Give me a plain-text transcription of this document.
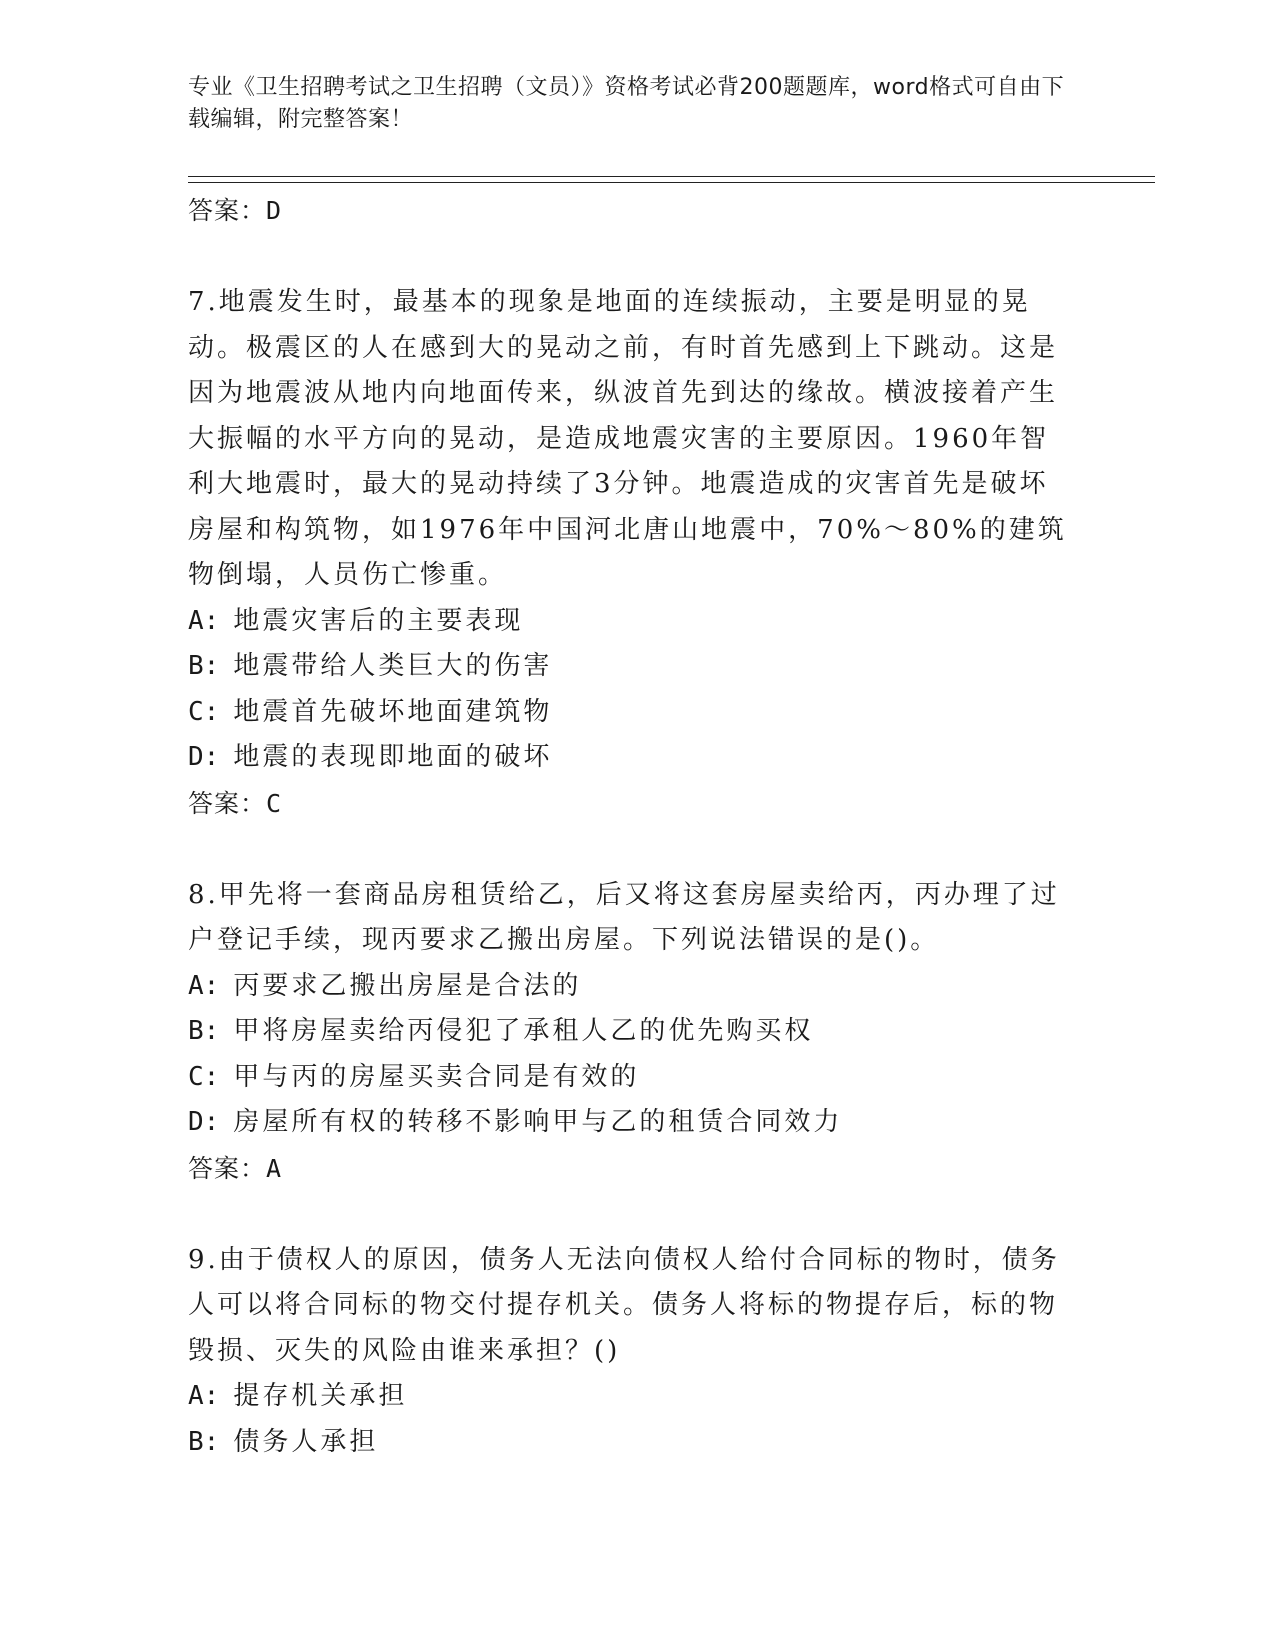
专业《卫生招聘考试之卫生招聘（文员）》资格考试必背200题题库，word格式可自由下载编辑，附完整答案！

答案：D

7.地震发生时，最基本的现象是地面的连续振动，主要是明显的晃动。极震区的人在感到大的晃动之前，有时首先感到上下跳动。这是因为地震波从地内向地面传来，纵波首先到达的缘故。横波接着产生大振幅的水平方向的晃动，是造成地震灾害的主要原因。1960年智利大地震时，最大的晃动持续了3分钟。地震造成的灾害首先是破坏房屋和构筑物，如1976年中国河北唐山地震中，70%～80%的建筑物倒塌，人员伤亡惨重。

A: 地震灾害后的主要表现

B: 地震带给人类巨大的伤害

C: 地震首先破坏地面建筑物

D: 地震的表现即地面的破坏

答案：C

8.甲先将一套商品房租赁给乙，后又将这套房屋卖给丙，丙办理了过户登记手续，现丙要求乙搬出房屋。下列说法错误的是()。

A: 丙要求乙搬出房屋是合法的

B: 甲将房屋卖给丙侵犯了承租人乙的优先购买权

C: 甲与丙的房屋买卖合同是有效的

D: 房屋所有权的转移不影响甲与乙的租赁合同效力

答案：A

9.由于债权人的原因，债务人无法向债权人给付合同标的物时，债务人可以将合同标的物交付提存机关。债务人将标的物提存后，标的物毁损、灭失的风险由谁来承担？()

A: 提存机关承担

B: 债务人承担
